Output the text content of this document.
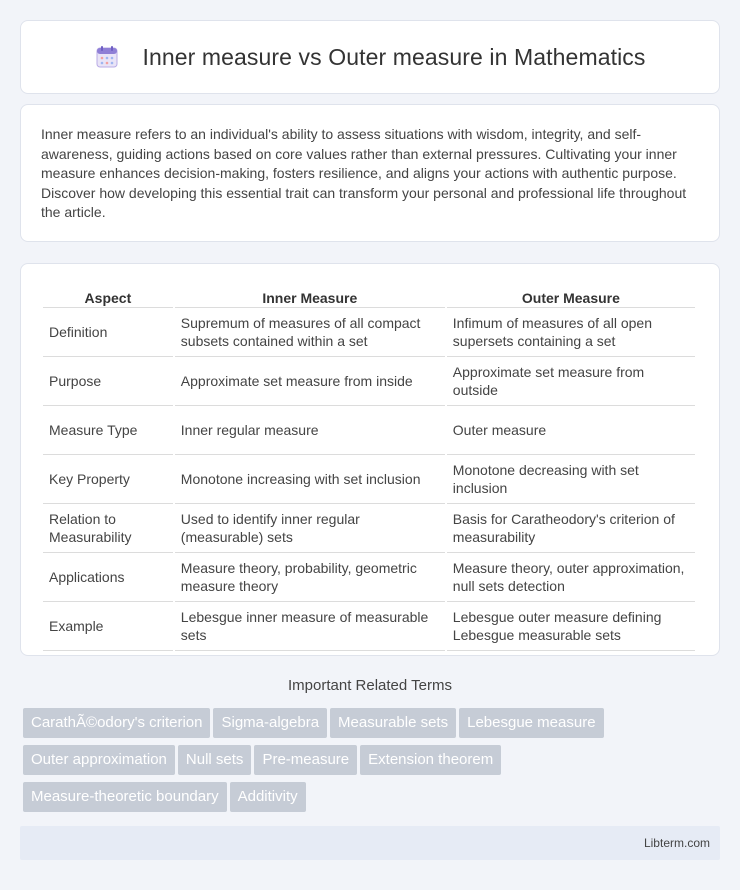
Inner measure vs Outer measure in Mathematics

Inner measure refers to an individual's ability to assess situations with wisdom, integrity, and self-awareness, guiding actions based on core values rather than external pressures. Cultivating your inner measure enhances decision-making, fosters resilience, and aligns your actions with authentic purpose. Discover how developing this essential trait can transform your personal and professional life throughout the article.

Aspect	Inner Measure	Outer Measure
Definition	Supremum of measures of all compact subsets contained within a set	Infimum of measures of all open supersets containing a set
Purpose	Approximate set measure from inside	Approximate set measure from outside
Measure Type	Inner regular measure	Outer measure
Key Property	Monotone increasing with set inclusion	Monotone decreasing with set inclusion
Relation to Measurability	Used to identify inner regular (measurable) sets	Basis for Caratheodory's criterion of measurability
Applications	Measure theory, probability, geometric measure theory	Measure theory, outer approximation, null sets detection
Example	Lebesgue inner measure of measurable sets	Lebesgue outer measure defining Lebesgue measurable sets
Important Related Terms
CarathÃ©odory's criterion Sigma-algebra Measurable sets Lebesgue measure
Outer approximation Null sets Pre-measure Extension theorem
Measure-theoretic boundary Additivity
Libterm.com
